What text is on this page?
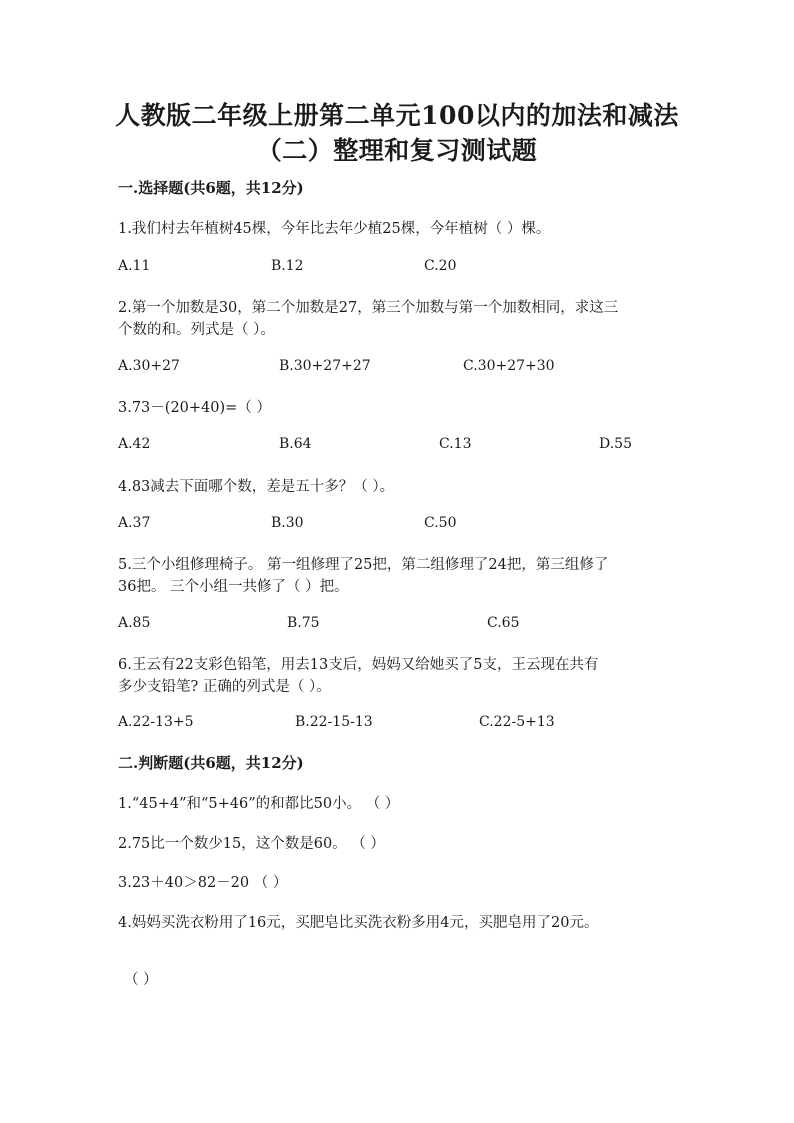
人教版二年级上册第二单元100以内的加法和减法
（二）整理和复习测试题
一.选择题(共6题，共12分)
1.我们村去年植树45棵，今年比去年少植25棵，今年植树（ ）棵。
A.11	B.12	C.20
2.第一个加数是30，第二个加数是27，第三个加数与第一个加数相同，求这三
个数的和。列式是（ ）。
A.30+27	B.30+27+27	C.30+27+30
3.73－(20+40)=（ ）
A.42	B.64	C.13	D.55
4.83减去下面哪个数，差是五十多？（ ）。
A.37	B.30	C.50
5.三个小组修理椅子。 第一组修理了25把，第二组修理了24把，第三组修了
36把。 三个小组一共修了（ ）把。
A.85	B.75	C.65
6.王云有22支彩色铅笔，用去13支后，妈妈又给她买了5支，王云现在共有
多少支铅笔? 正确的列式是（ ）。
A.22-13+5	B.22-15-13	C.22-5+13
二.判断题(共6题，共12分)
1.“45+4”和“5+46”的和都比50小。 （ ）
2.75比一个数少15，这个数是60。 （ ）
3.23＋40＞82－20 （ ）
4.妈妈买洗衣粉用了16元，买肥皂比买洗衣粉多用4元，买肥皂用了20元。
（ ）
